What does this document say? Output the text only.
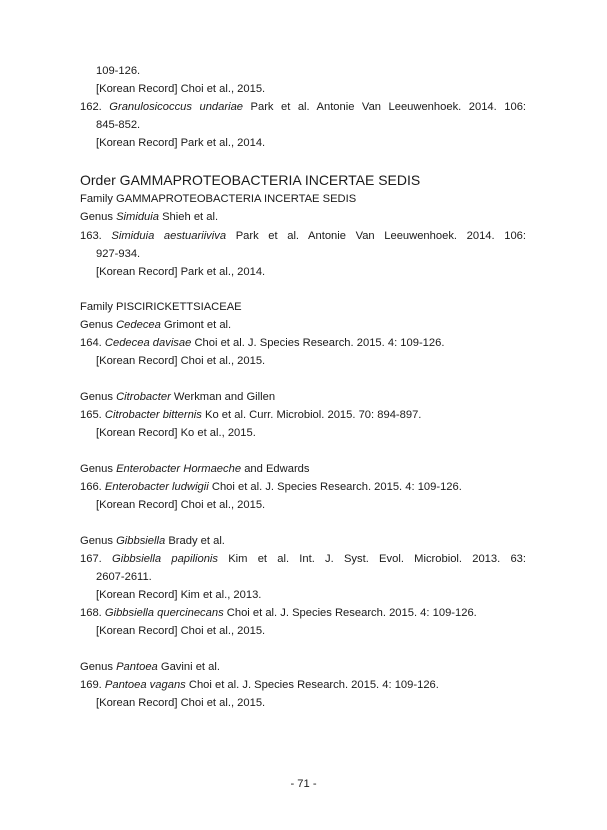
109-126.
[Korean Record] Choi et al., 2015.
162. Granulosicoccus undariae Park et al. Antonie Van Leeuwenhoek. 2014. 106:
845-852.
[Korean Record] Park et al., 2014.
Order GAMMAPROTEOBACTERIA INCERTAE SEDIS
Family GAMMAPROTEOBACTERIA INCERTAE SEDIS
Genus Simiduia Shieh et al.
163. Simiduia aestuariiviva Park et al. Antonie Van Leeuwenhoek. 2014. 106:
927-934.
[Korean Record] Park et al., 2014.
Family PISCIRICKETTSIACEAE
Genus Cedecea Grimont et al.
164. Cedecea davisae Choi et al. J. Species Research. 2015. 4: 109-126.
[Korean Record] Choi et al., 2015.
Genus Citrobacter Werkman and Gillen
165. Citrobacter bitternis Ko et al. Curr. Microbiol. 2015. 70: 894-897.
[Korean Record] Ko et al., 2015.
Genus Enterobacter Hormaeche and Edwards
166. Enterobacter ludwigii Choi et al. J. Species Research. 2015. 4: 109-126.
[Korean Record] Choi et al., 2015.
Genus Gibbsiella Brady et al.
167. Gibbsiella papilionis Kim et al. Int. J. Syst. Evol. Microbiol. 2013. 63:
2607-2611.
[Korean Record] Kim et al., 2013.
168. Gibbsiella quercinecans Choi et al. J. Species Research. 2015. 4: 109-126.
[Korean Record] Choi et al., 2015.
Genus Pantoea Gavini et al.
169. Pantoea vagans Choi et al. J. Species Research. 2015. 4: 109-126.
[Korean Record] Choi et al., 2015.
- 71 -
